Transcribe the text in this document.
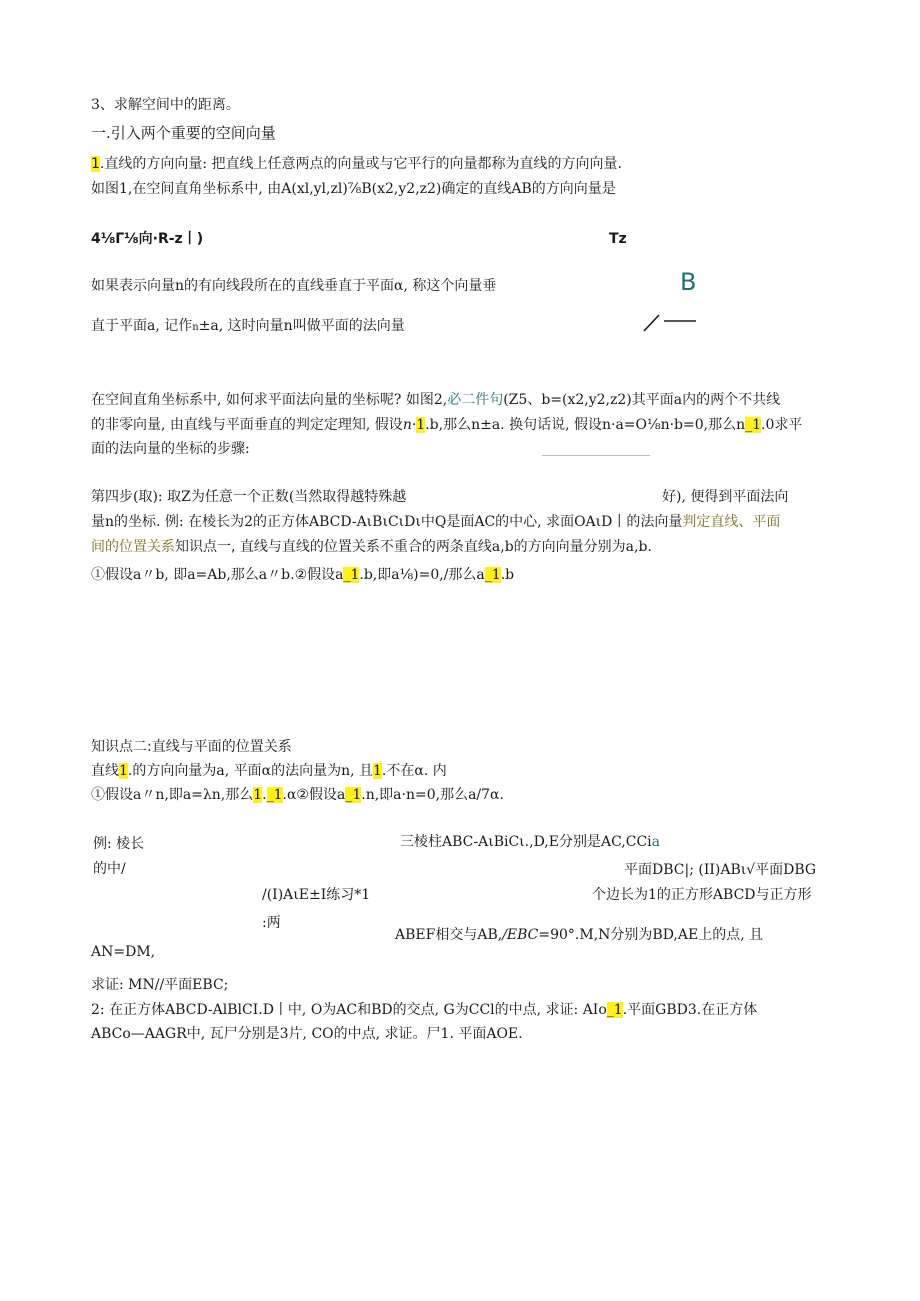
3、求解空间中的距离。
一.引入两个重要的空间向量
1.直线的方向向量: 把直线上任意两点的向量或与它平行的向量都称为直线的方向向量.
如图1,在空间直角坐标系中, 由A(xl,yl,zl)⅞B(x2,y2,z2)确定的直线AB的方向向量是
4⅛Γ⅛向·R-z丨)	Tz
B
如果表示向量n的有向线段所在的直线垂直于平面α, 称这个向量垂
直于平面a, 记作n±a, 这时向量n叫做平面的法向量
在空间直角坐标系中, 如何求平面法向量的坐标呢? 如图2,必二件句(Z5、b=(x2,y2,z2)其平面a内的两个不共线
的非零向量, 由直线与平面垂直的判定定理知, 假设n·1.b,那么n±a. 换句话说, 假设n·a=O⅛n·b=0,那么n_1.0求平
面的法向量的坐标的步骤:
第四步(取): 取Z为任意一个正数(当然取得越特殊越	好), 便得到平面法向
量n的坐标. 例: 在棱长为2的正方体ABCD-AιBιCιDι中Q是面AC的中心, 求面OAιD丨的法向量判定直线、平面
间的位置关系知识点一, 直线与直线的位置关系不重合的两条直线a,b的方向向量分别为a,b.
①假设a〃b, 即a=Ab,那么a〃b.②假设a_1.b,即a⅛)=0,/那么a_1.b
知识点二:直线与平面的位置关系
直线1.的方向向量为a, 平面α的法向量为n, 且1.不在α. 内
①假设a〃n,即a=λn,那么1._1.α②假设a_1.n,即a·n=0,那么a/7α.
例: 棱长	三棱柱ABC-AιBiCι.,D,E分别是AC,CCia
的中/	平面DBC|; (II)ABι√平面DBG
/(I)AιE±I练习*1	个边长为1的正方形ABCD与正方形
:两
ABEF相交与AB,∕EBC=90°.M,N分别为BD,AE上的点, 且
AN=DM,
求证: MN//平面EBC;
2: 在正方体ABCD-AlBlCI.D丨中, O为AC和BD的交点, G为CCl的中点, 求证: AIo_1.平面GBD3.在正方体
ABCo—AAGR中, 瓦尸分别是3片, CO的中点, 求证。尸1. 平面AOE.
